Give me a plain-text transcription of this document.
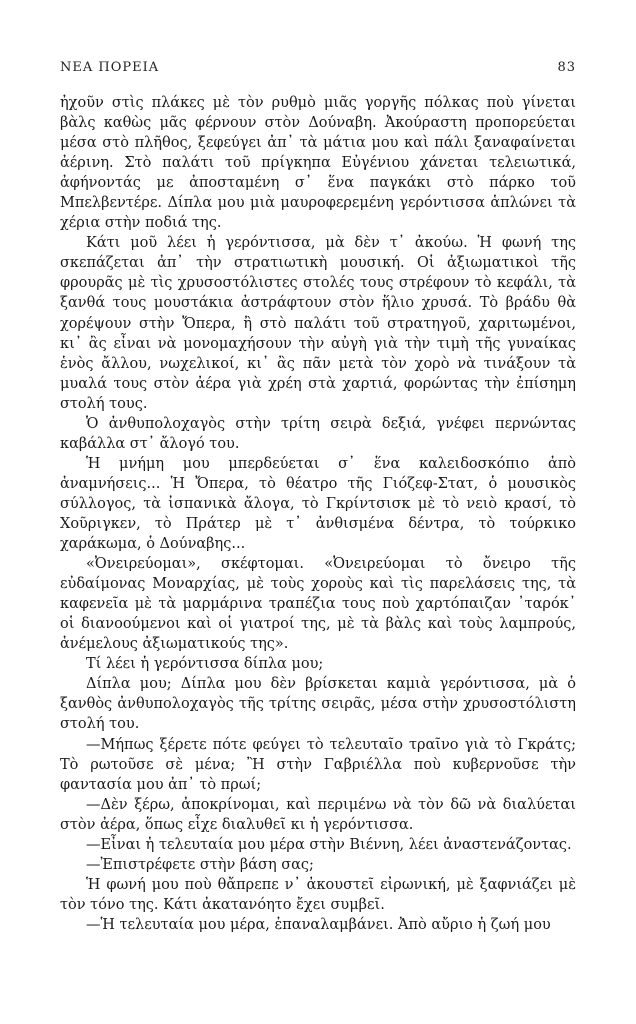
ΝΕΑ ΠΟΡΕΙΑ	83

ἠχοῦν στὶς πλάκες μὲ τὸν ρυθμὸ μιᾶς γοργῆς πόλκας ποὺ γίνεται βὰλς καθὼς μᾶς φέρνουν στὸν Δούναβη. Ἀκούραστη προπορεύεται μέσα στὸ πλῆθος, ξεφεύγει ἀπ᾽ τὰ μάτια μου καὶ πάλι ξαναφαίνεται ἀέρινη. Στὸ παλάτι τοῦ πρίγκηπα Εὐγένιου χάνεται τελειωτικά, ἀφήνοντάς με ἀποσταμένη σ᾽ ἕνα παγκάκι στὸ πάρκο τοῦ Μπελβεντέρε. Δίπλα μου μιὰ μαυροφερεμένη γερόντισσα ἁπλώνει τὰ χέρια στὴν ποδιά της.

Κάτι μοῦ λέει ἡ γερόντισσα, μὰ δὲν τ᾽ ἀκούω. Ἡ φωνή της σκεπάζεται ἀπ᾽ τὴν στρατιωτικὴ μουσική. Οἱ ἀξιωματικοὶ τῆς φρουρᾶς μὲ τὶς χρυσοστόλιστες στολές τους στρέφουν τὸ κεφάλι, τὰ ξανθά τους μουστάκια ἀστράφτουν στὸν ἥλιο χρυσά. Τὸ βράδυ θὰ χορέψουν στὴν Ὄπερα, ἢ στὸ παλάτι τοῦ στρατηγοῦ, χαριτωμένοι, κι᾽ ἂς εἶναι νὰ μονομαχήσουν τὴν αὐγὴ γιὰ τὴν τιμὴ τῆς γυναίκας ἑνὸς ἄλλου, νωχελικοί, κι᾽ ἂς πᾶν μετὰ τὸν χορὸ νὰ τινάξουν τὰ μυαλά τους στὸν ἀέρα γιὰ χρέη στὰ χαρτιά, φορώντας τὴν ἐπίσημη στολή τους.

Ὁ ἀνθυπολοχαγὸς στὴν τρίτη σειρὰ δεξιά, γνέφει περνώντας καβάλλα στ᾽ ἄλογό του.

Ἡ μνήμη μου μπερδεύεται σ᾽ ἕνα καλειδοσκόπιο ἀπὸ ἀναμνήσεις... Ἡ Ὄπερα, τὸ θέατρο τῆς Γιόζεφ-Στατ, ὁ μουσικὸς σύλλογος, τὰ ἰσπανικὰ ἄλογα, τὸ Γκρίντσισκ μὲ τὸ νειὸ κρασί, τὸ Χοῦριγκεν, τὸ Πράτερ μὲ τ᾽ ἀνθισμένα δέντρα, τὸ τούρκικο χαράκωμα, ὁ Δούναβης...

«Ὀνειρεύομαι», σκέφτομαι. «Ὀνειρεύομαι τὸ ὄνειρο τῆς εὐδαίμονας Μοναρχίας, μὲ τοὺς χοροὺς καὶ τὶς παρελάσεις της, τὰ καφενεῖα μὲ τὰ μαρμάρινα τραπέζια τους ποὺ χαρτόπαιζαν ᾽ταρόκ᾽ οἱ διανοούμενοι καὶ οἱ γιατροί της, μὲ τὰ βὰλς καὶ τοὺς λαμπρούς, ἀνέμελους ἀξιωματικούς της».

Τί λέει ἡ γερόντισσα δίπλα μου;

Δίπλα μου; Δίπλα μου δὲν βρίσκεται καμιὰ γερόντισσα, μὰ ὁ ξανθὸς ἀνθυπολοχαγὸς τῆς τρίτης σειρᾶς, μέσα στὴν χρυσοστόλιστη στολή του.

—Μήπως ξέρετε πότε φεύγει τὸ τελευταῖο τραῖνο γιὰ τὸ Γκράτς; Τὸ ρωτοῦσε σὲ μένα; Ἢ στὴν Γαβριέλλα ποὺ κυβερνοῦσε τὴν φαντασία μου ἀπ᾽ τὸ πρωί;

—Δὲν ξέρω, ἀποκρίνομαι, καὶ περιμένω νὰ τὸν δῶ νὰ διαλύεται στὸν ἀέρα, ὅπως εἶχε διαλυθεῖ κι ἡ γερόντισσα.

—Εἶναι ἡ τελευταία μου μέρα στὴν Βιέννη, λέει ἀναστενάζοντας.

—Ἐπιστρέφετε στὴν βάση σας;

Ἡ φωνή μου ποὺ θἄπρεπε ν᾽ ἀκουστεῖ εἰρωνική, μὲ ξαφνιάζει μὲ τὸν τόνο της. Κάτι ἀκατανόητο ἔχει συμβεῖ.

—Ἡ τελευταία μου μέρα, ἐπαναλαμβάνει. Ἀπὸ αὔριο ἡ ζωή μου
